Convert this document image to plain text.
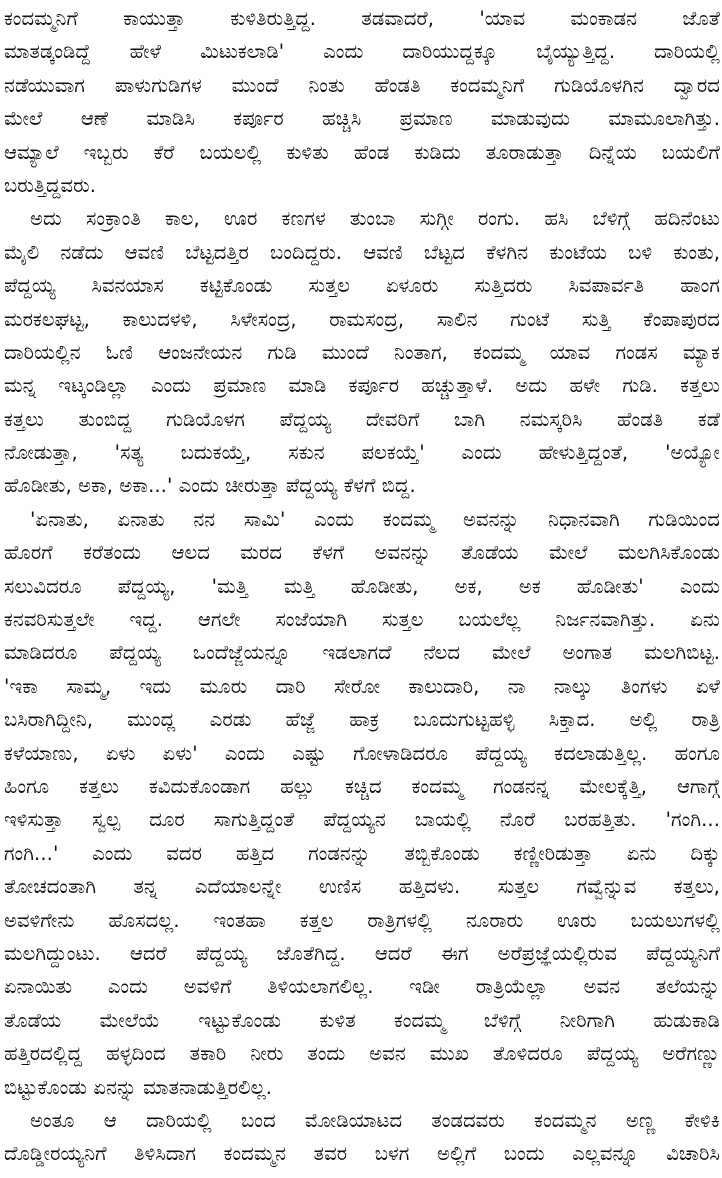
ಕಂದಮ್ಮನಿಗೆ ಕಾಯುತ್ತಾ ಕುಳಿತಿರುತ್ತಿದ್ದ. ತಡವಾದರೆ, 'ಯಾವ ಮಂಕಾಡನ ಜೊತೆ
ಮಾತಡ್ಕಂಡಿದ್ದೆ ಹೇಳೆ ಮಿಟುಕಲಾಡಿ' ಎಂದು ದಾರಿಯುದ್ದಕ್ಕೂ ಬೈಯ್ಯುತ್ತಿದ್ದ. ದಾರಿಯಲ್ಲಿ
ನಡೆಯುವಾಗ ಪಾಳುಗುಡಿಗಳ ಮುಂದೆ ನಿಂತು ಹೆಂಡತಿ ಕಂದಮ್ಮನಿಗೆ ಗುಡಿಯೊಳಗಿನ ದ್ವಾರದ
ಮೇಲೆ ಆಣೆ ಮಾಡಿಸಿ ಕರ್ಪೂರ ಹಚ್ಚಿಸಿ ಪ್ರಮಾಣ ಮಾಡುವುದು ಮಾಮೂಲಾಗಿತ್ತು.
ಆಮ್ಯಾಲೆ ಇಬ್ಬರು ಕೆರೆ ಬಯಲಲ್ಲಿ ಕುಳಿತು ಹೆಂಡ ಕುಡಿದು ತೂರಾಡುತ್ತಾ ದಿನ್ನೆಯ ಬಯಲಿಗೆ
ಬರುತ್ತಿದ್ದವರು.
ಅದು ಸಂಕ್ರಾಂತಿ ಕಾಲ, ಊರ ಕಣಗಳ ತುಂಬಾ ಸುಗ್ಗೀ ರಂಗು. ಹಸಿ ಬೆಳಿಗ್ಗೆ ಹದಿನೆಂಟು
ಮೈಲಿ ನಡೆದು ಆವಣಿ ಬೆಟ್ಟದತ್ತಿರ ಬಂದಿದ್ದರು. ಆವಣಿ ಬೆಟ್ಟದ ಕೆಳಗಿನ ಕುಂಟೆಯ ಬಳಿ ಕುಂತು,
ಪೆದ್ದಯ್ಯ ಸಿವನಯಾಸ ಕಟ್ಟಿಕೊಂಡು ಸುತ್ತಲ ಏಳೂರು ಸುತ್ತಿದರು ಸಿವಪಾರ್ವತಿ ಹಾಂಗ
ಮರಕಲಘಟ್ಟ, ಕಾಲುದಳಳಿ, ಸಿಳೇಸಂದ್ರ, ರಾಮಸಂದ್ರ, ಸಾಲಿನ ಗುಂಟೆ ಸುತ್ತಿ ಕೆಂಪಾಪುರದ
ದಾರಿಯಲ್ಲಿನ ಓಣಿ ಆಂಜನೇಯನ ಗುಡಿ ಮುಂದೆ ನಿಂತಾಗ, ಕಂದಮ್ಮ ಯಾವ ಗಂಡಸ ಮ್ಯಾಕ
ಮನ್ನ ಇಟ್ಕಂಡಿಲ್ಲಾ ಎಂದು ಪ್ರಮಾಣ ಮಾಡಿ ಕರ್ಪೂರ ಹಚ್ಚುತ್ತಾಳೆ. ಅದು ಹಳೇ ಗುಡಿ. ಕತ್ತಲು
ಕತ್ತಲು ತುಂಬಿದ್ದ ಗುಡಿಯೊಳಗ ಪೆದ್ದಯ್ಯ ದೇವರಿಗೆ ಬಾಗಿ ನಮಸ್ಕರಿಸಿ ಹೆಂಡತಿ ಕಡೆ
ನೋಡುತ್ತಾ, 'ಸತ್ಯ ಬದುಕಯ್ತೆ, ಸಕುನ ಪಲಕಯ್ತೆ' ಎಂದು ಹೇಳುತ್ತಿದ್ದಂತೆ, 'ಅಯ್ಯೋ
ಹೊಡೀತು, ಅಕಾ, ಅಕಾ...' ಎಂದು ಚೀರುತ್ತಾ ಪೆದ್ದಯ್ಯ ಕೆಳಗೆ ಬಿದ್ದ.
'ಏನಾತು, ಏನಾತು ನನ ಸಾಮಿ' ಎಂದು ಕಂದಮ್ಮ ಅವನನ್ನು ನಿಧಾನವಾಗಿ ಗುಡಿಯಿಂದ
ಹೊರಗೆ ಕರೆತಂದು ಆಲದ ಮರದ ಕೆಳಗೆ ಅವನನ್ನು ತೊಡೆಯ ಮೇಲೆ ಮಲಗಿಸಿಕೊಂಡು
ಸಲುವಿದರೂ ಪೆದ್ದಯ್ಯ, 'ಮತ್ತಿ ಮತ್ತಿ ಹೊಡೀತು, ಅಕ, ಅಕ ಹೊಡೀತು' ಎಂದು
ಕನವರಿಸುತ್ತಲೇ ಇದ್ದ. ಆಗಲೇ ಸಂಜೆಯಾಗಿ ಸುತ್ತಲ ಬಯಲೆಲ್ಲ ನಿರ್ಜನವಾಗಿತ್ತು. ಏನು
ಮಾಡಿದರೂ ಪೆದ್ದಯ್ಯ ಒಂದೆಜ್ಜೆಯನ್ನೂ ಇಡಲಾಗದೆ ನೆಲದ ಮೇಲೆ ಅಂಗಾತ ಮಲಗಿಬಿಟ್ಟ.
'ಇಕಾ ಸಾಮ್ಮ, ಇದು ಮೂರು ದಾರಿ ಸೇರೋ ಕಾಲುದಾರಿ, ನಾ ನಾಲ್ಕು ತಿಂಗಳು ಏಳೆ
ಬಸಿರಾಗಿದ್ದೀನಿ, ಮುಂದ್ಲ ಎರಡು ಹೆಜ್ಜೆ ಹಾಕ್ರ ಬೂದುಗುಟ್ಟಹಳ್ಳಿ ಸಿಕ್ತಾದ. ಅಲ್ಲಿ ರಾತ್ರಿ
ಕಳೆಯಾಣು, ಏಳು ಏಳು' ಎಂದು ಎಷ್ಟು ಗೋಳಾಡಿದರೂ ಪೆದ್ದಯ್ಯ ಕದಲಾಡುತ್ತಿಲ್ಲ. ಹಂಗೂ
ಹಿಂಗೂ ಕತ್ತಲು ಕವಿದುಕೊಂಡಾಗ ಹಲ್ಲು ಕಚ್ಚಿದ ಕಂದಮ್ಮ ಗಂಡನನ್ನ ಮೇಲಕ್ಕೆತ್ತಿ, ಆಗಾಗ್ಗೆ
ಇಳಿಸುತ್ತಾ ಸ್ವಲ್ಪ ದೂರ ಸಾಗುತ್ತಿದ್ದಂತೆ ಪೆದ್ದಯ್ಯನ ಬಾಯಲ್ಲಿ ನೊರೆ ಬರಹತ್ತಿತು. 'ಗಂಗಿ...
ಗಂಗಿ...' ಎಂದು ವದರ ಹತ್ತಿದ ಗಂಡನನ್ನು ತಬ್ಬಿಕೊಂಡು ಕಣ್ಣೀರಿಡುತ್ತಾ ಏನು ದಿಕ್ಕು
ತೋಚದಂತಾಗಿ ತನ್ನ ಎದೆಯಾಲನ್ನೇ ಉಣಿಸ ಹತ್ತಿದಳು. ಸುತ್ತಲ ಗವ್ವೆನ್ನುವ ಕತ್ತಲು,
ಅವಳಿಗೇನು ಹೊಸದಲ್ಲ. ಇಂತಹಾ ಕತ್ತಲ ರಾತ್ರಿಗಳಲ್ಲಿ ನೂರಾರು ಊರು ಬಯಲುಗಳಲ್ಲಿ
ಮಲಗಿದ್ದುಂಟು. ಆದರೆ ಪೆದ್ದಯ್ಯ ಜೊತೆಗಿದ್ದ. ಆದರೆ ಈಗ ಅರೆಪ್ರಜ್ಞೆಯಲ್ಲಿರುವ ಪೆದ್ದಯ್ಯನಿಗೆ
ಏನಾಯಿತು ಎಂದು ಅವಳಿಗೆ ತಿಳಿಯಲಾಗಲಿಲ್ಲ. ಇಡೀ ರಾತ್ರಿಯೆಲ್ಲಾ ಅವನ ತಲೆಯನ್ನು
ತೊಡೆಯ ಮೇಲೆಯೆ ಇಟ್ಟುಕೊಂಡು ಕುಳಿತ ಕಂದಮ್ಮ ಬೆಳಿಗ್ಗೆ ನೀರಿಗಾಗಿ ಹುಡುಕಾಡಿ
ಹತ್ತಿರದಲ್ಲಿದ್ದ ಹಳ್ಳದಿಂದ ತಕಾರಿ ನೀರು ತಂದು ಅವನ ಮುಖ ತೊಳಿದರೂ ಪೆದ್ದಯ್ಯ ಅರೆಗಣ್ಣು
ಬಿಟ್ಟುಕೊಂಡು ಏನನ್ನು ಮಾತನಾಡುತ್ತಿರಲಿಲ್ಲ.
ಅಂತೂ ಆ ದಾರಿಯಲ್ಲಿ ಬಂದ ಮೋಡಿಯಾಟದ ತಂಡದವರು ಕಂದಮ್ಮನ ಅಣ್ಣ ಕೇಳಿಕಿ
ದೊಡ್ಡೀರಯ್ಯನಿಗೆ ತಿಳಿಸಿದಾಗ ಕಂದಮ್ಮನ ತವರ ಬಳಗ ಅಲ್ಲಿಗೆ ಬಂದು ಎಲ್ಲವನ್ನೂ ವಿಚಾರಿಸಿ
